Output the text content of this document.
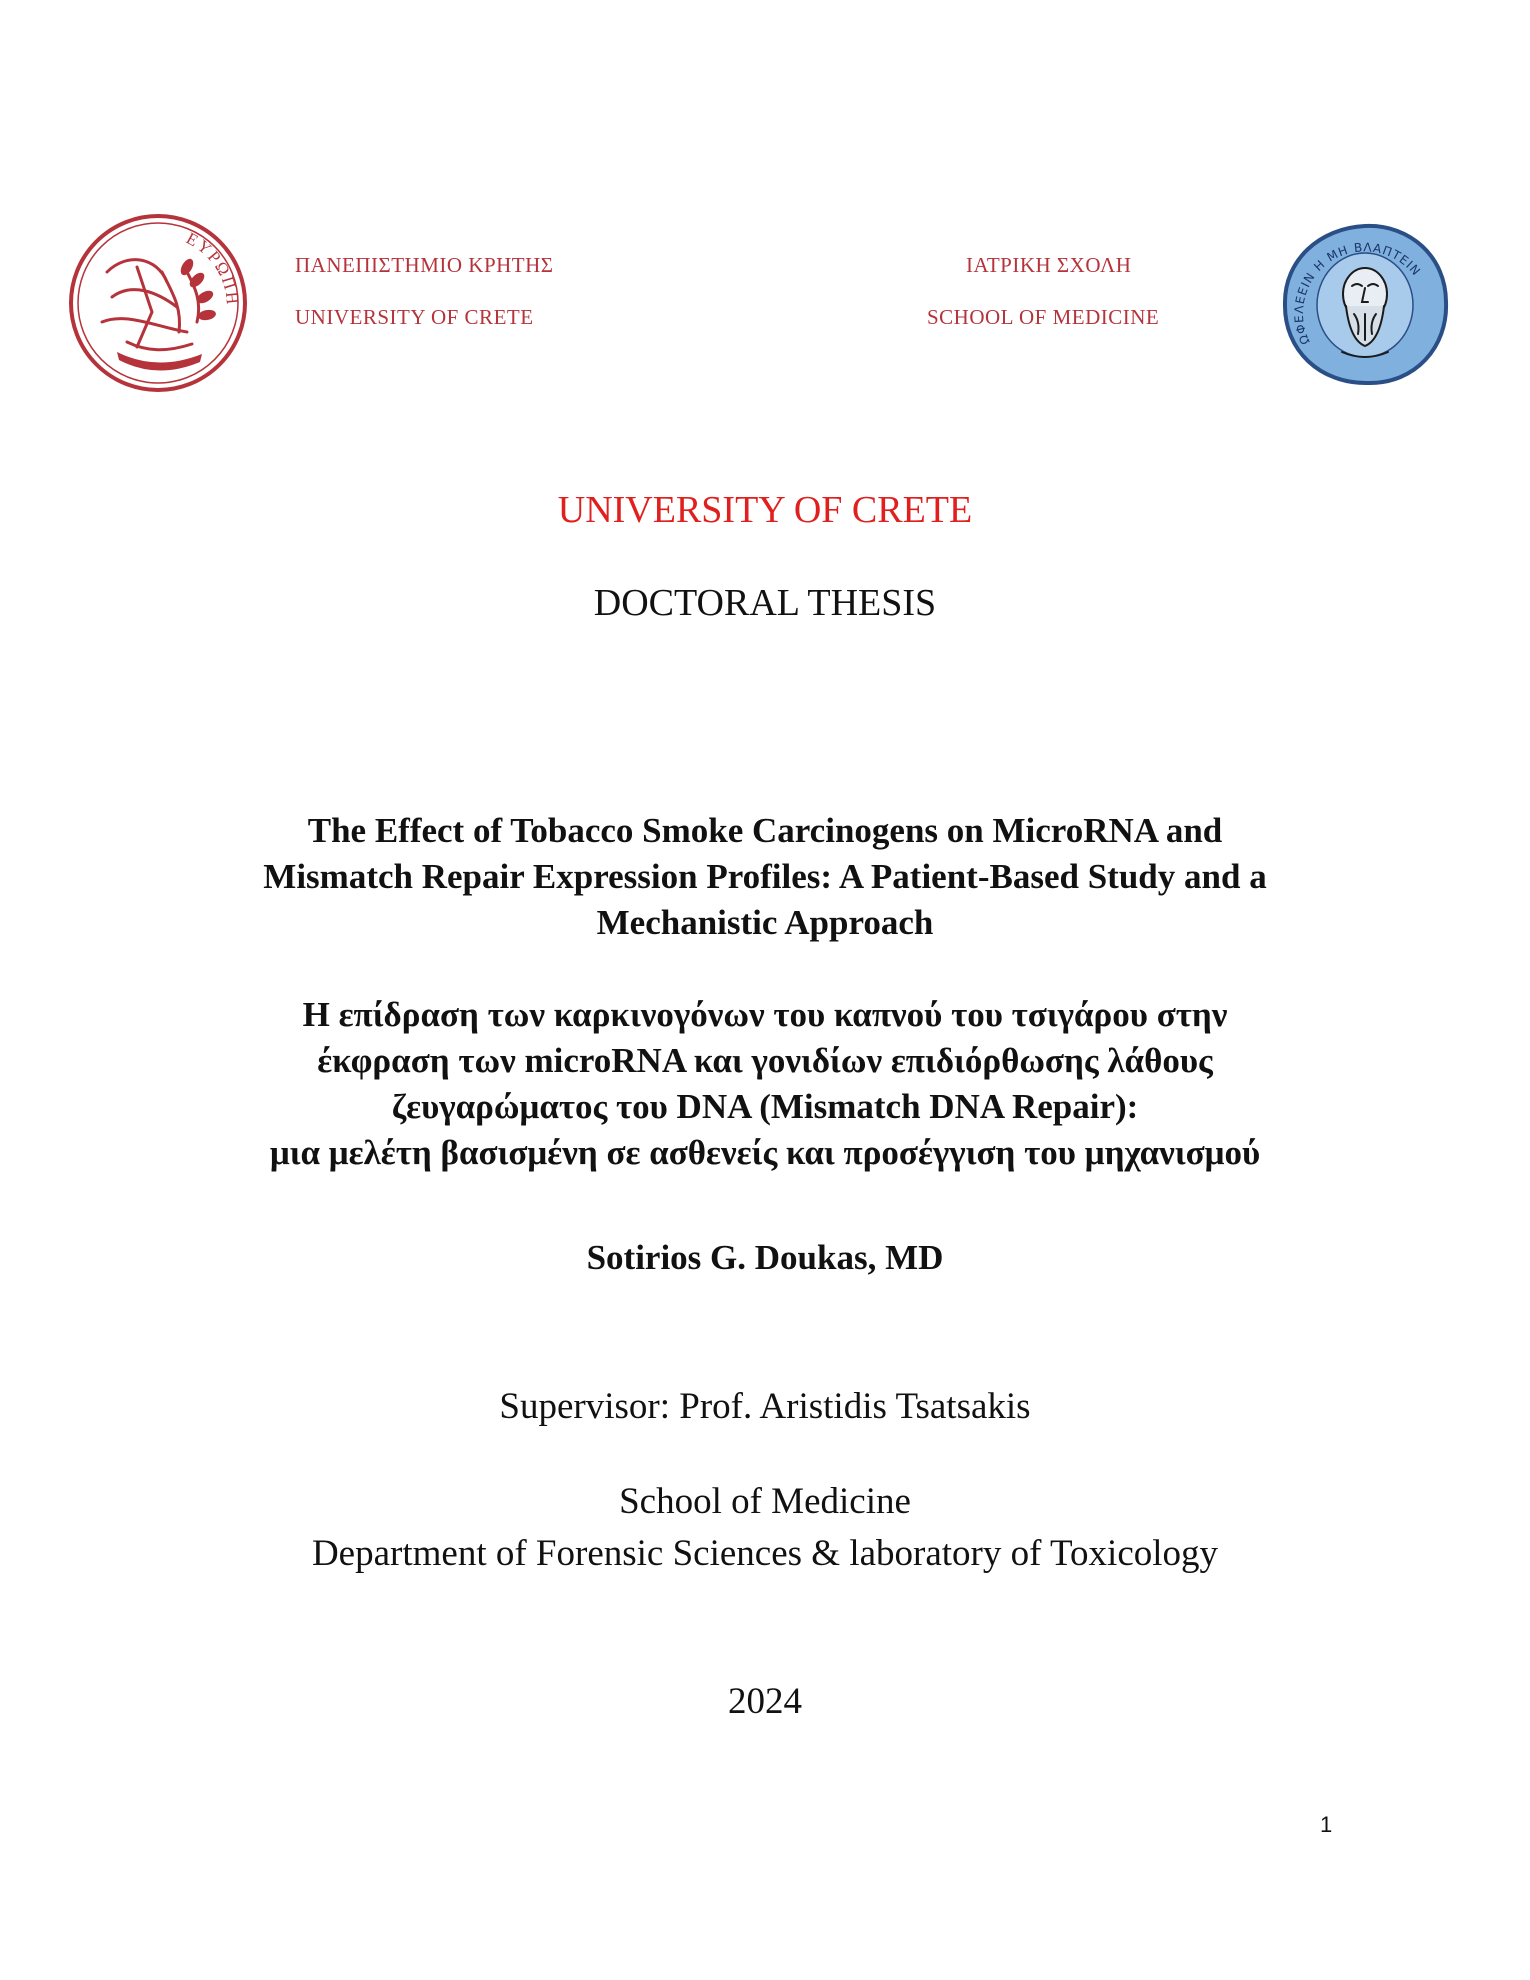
ΕΥΡΩΠΗ
ΠΑΝΕΠΙΣΤΗΜΙΟ ΚΡΗΤΗΣ
UNIVERSITY OF CRETE
ΙΑΤΡΙΚΗ ΣΧΟΛΗ
SCHOOL OF MEDICINE
ΩΦΕΛΕΕΙΝ Η ΜΗ ΒΛΑΠΤΕΙΝ
UNIVERSITY OF CRETE
DOCTORAL THESIS
The Effect of Tobacco Smoke Carcinogens on MicroRNA and
Mismatch Repair Expression Profiles: A Patient-Based Study and a
Mechanistic Approach
Η επίδραση των καρκινογόνων του καπνού του τσιγάρου στην
έκφραση των microRNA και γονιδίων επιδιόρθωσης λάθους
ζευγαρώματος του DNA (Mismatch DNA Repair):
μια μελέτη βασισμένη σε ασθενείς και προσέγγιση του μηχανισμού
Sotirios G. Doukas, MD
Supervisor: Prof. Aristidis Tsatsakis
School of Medicine
Department of Forensic Sciences & laboratory of Toxicology
2024
1
